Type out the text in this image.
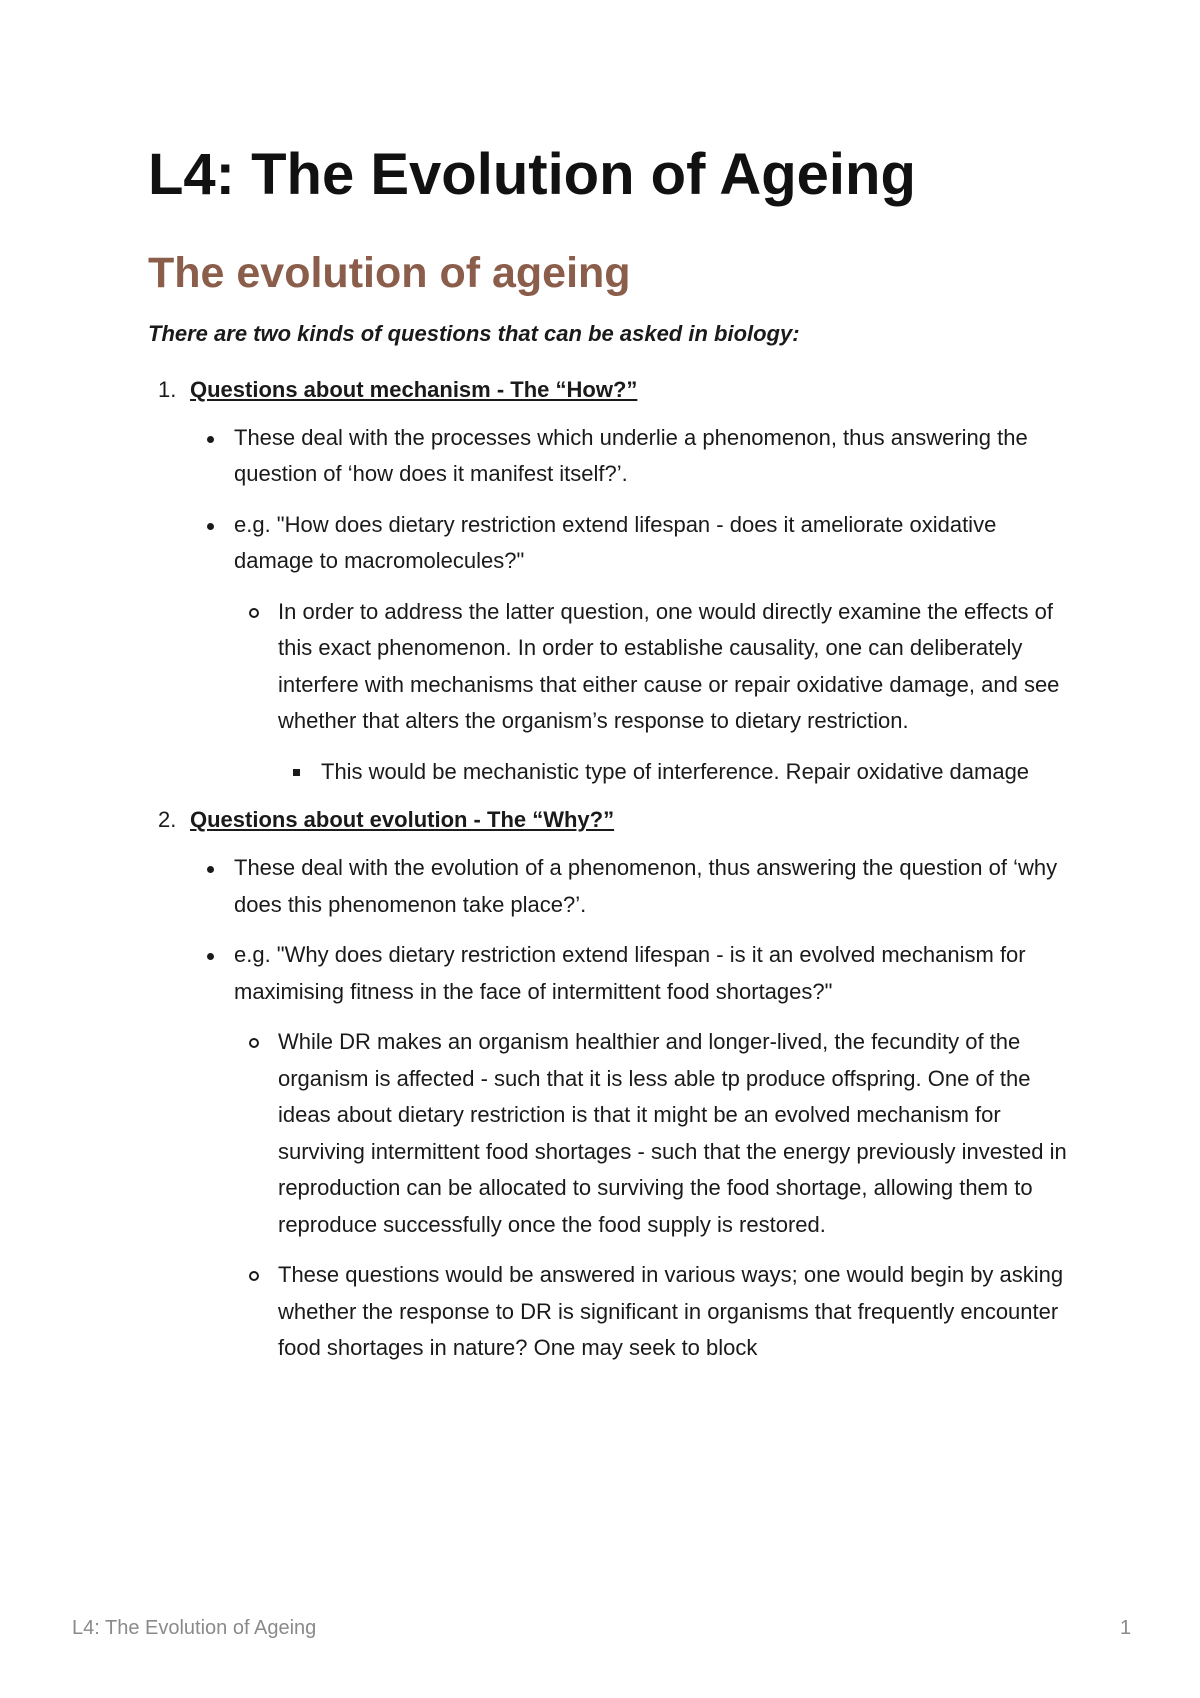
L4: The Evolution of Ageing
The evolution of ageing

There are two kinds of questions that can be asked in biology:

1. Questions about mechanism - The “How?”

These deal with the processes which underlie a phenomenon, thus answering the question of ‘how does it manifest itself?’.

e.g. "How does dietary restriction extend lifespan - does it ameliorate oxidative damage to macromolecules?"

In order to address the latter question, one would directly examine the effects of this exact phenomenon. In order to establishe causality, one can deliberately interfere with mechanisms that either cause or repair oxidative damage, and see whether that alters the organism’s response to dietary restriction.

This would be mechanistic type of interference. Repair oxidative damage

2. Questions about evolution - The “Why?”

These deal with the evolution of a phenomenon, thus answering the question of ‘why does this phenomenon take place?’.

e.g. "Why does dietary restriction extend lifespan - is it an evolved mechanism for maximising fitness in the face of intermittent food shortages?"

While DR makes an organism healthier and longer-lived, the fecundity of the organism is affected - such that it is less able tp produce offspring. One of the ideas about dietary restriction is that it might be an evolved mechanism for surviving intermittent food shortages - such that the energy previously invested in reproduction can be allocated to surviving the food shortage, allowing them to reproduce successfully once the food supply is restored.

These questions would be answered in various ways; one would begin by asking whether the response to DR is significant in organisms that frequently encounter food shortages in nature? One may seek to block

L4: The Evolution of Ageing	1
